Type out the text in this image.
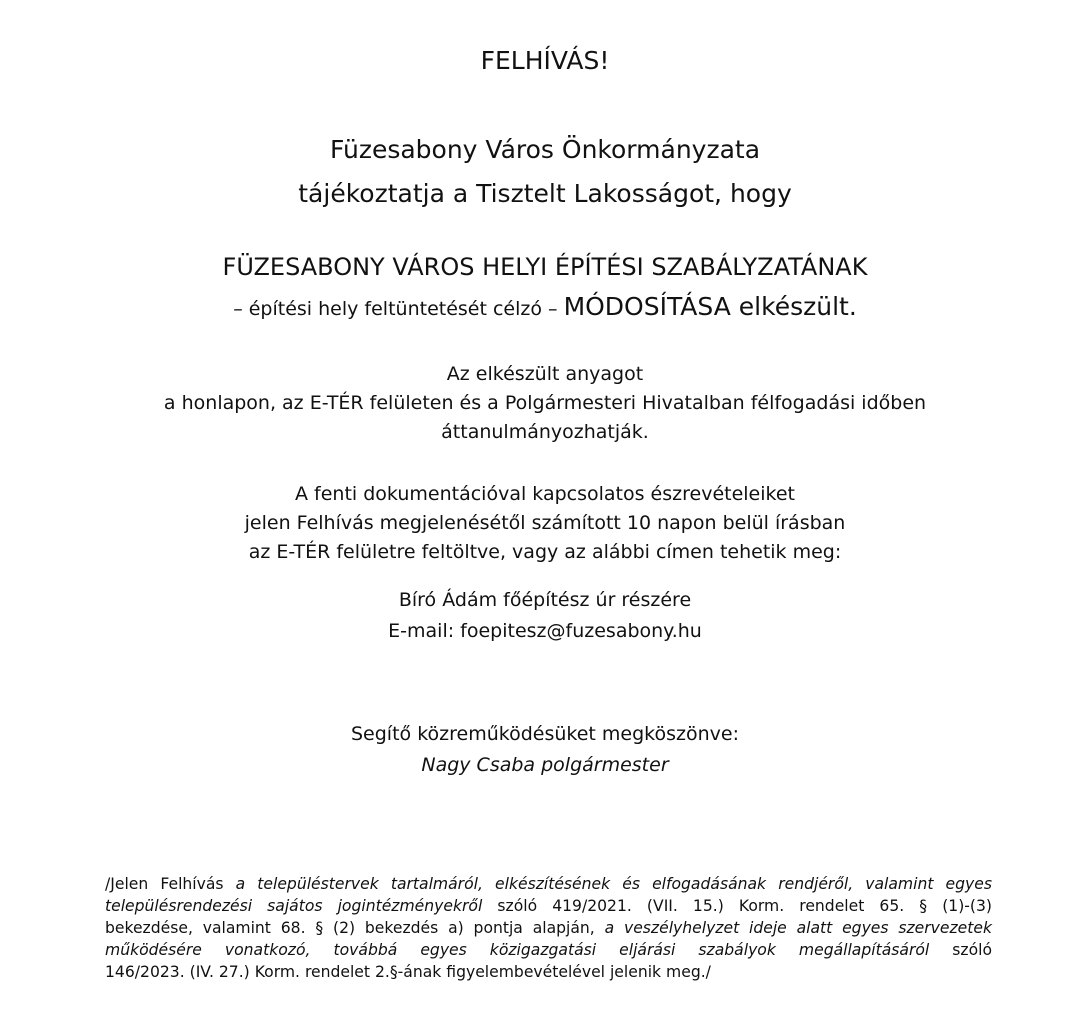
FELHÍVÁS!
Füzesabony Város Önkormányzata
tájékoztatja a Tisztelt Lakosságot, hogy
FÜZESABONY VÁROS HELYI ÉPÍTÉSI SZABÁLYZATÁNAK
– építési hely feltüntetését célzó – MÓDOSÍTÁSA elkészült.
Az elkészült anyagot
a honlapon, az E-TÉR felületen és a Polgármesteri Hivatalban félfogadási időben
áttanulmányozhatják.
A fenti dokumentációval kapcsolatos észrevételeiket
jelen Felhívás megjelenésétől számított 10 napon belül írásban
az E-TÉR felületre feltöltve, vagy az alábbi címen tehetik meg:
Bíró Ádám főépítész úr részére
E-mail: foepitesz@fuzesabony.hu
Segítő közreműködésüket megköszönve:
Nagy Csaba polgármester
/Jelen Felhívás a településtervek tartalmáról, elkészítésének és elfogadásának rendjéről, valamint egyes
településrendezési sajátos jogintézményekről szóló 419/2021. (VII. 15.) Korm. rendelet 65. § (1)-(3)
bekezdése, valamint 68. § (2) bekezdés a) pontja alapján, a veszélyhelyzet ideje alatt egyes szervezetek
működésére vonatkozó, továbbá egyes közigazgatási eljárási szabályok megállapításáról szóló
146/2023. (IV. 27.) Korm. rendelet 2.§-ának figyelembevételével jelenik meg./
